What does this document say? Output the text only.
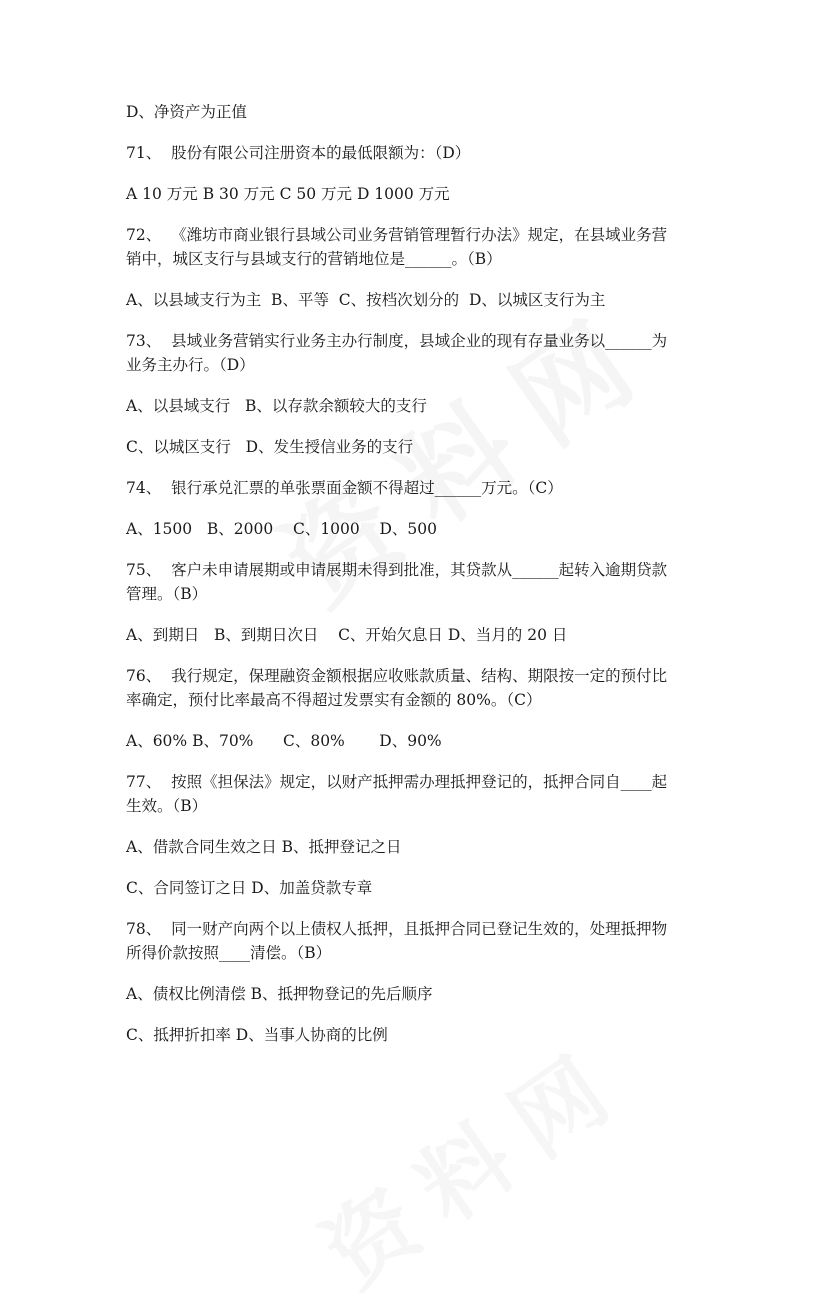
D、净资产为正值

71、  股份有限公司注册资本的最低限额为：（D）

A 10 万元 B 30 万元 C 50 万元 D 1000 万元

72、  《潍坊市商业银行县域公司业务营销管理暂行办法》规定，在县域业务营

销中，城区支行与县域支行的营销地位是______。（B）

A、以县域支行为主  B、平等  C、按档次划分的  D、以城区支行为主

73、  县域业务营销实行业务主办行制度，县域企业的现有存量业务以______为

业务主办行。（D）

A、以县域支行   B、以存款余额较大的支行

C、以城区支行   D、发生授信业务的支行

74、  银行承兑汇票的单张票面金额不得超过______万元。（C）

A、1500   B、2000    C、1000    D、500

75、  客户未申请展期或申请展期未得到批准，其贷款从______起转入逾期贷款

管理。（B）

A、到期日   B、到期日次日    C、开始欠息日 D、当月的 20 日

76、  我行规定，保理融资金额根据应收账款质量、结构、期限按一定的预付比

率确定，预付比率最高不得超过发票实有金额的 80%。（C）

A、60% B、70%      C、80%       D、90%

77、  按照《担保法》规定，以财产抵押需办理抵押登记的，抵押合同自____起

生效。（B）

A、借款合同生效之日 B、抵押登记之日

C、合同签订之日 D、加盖贷款专章

78、  同一财产向两个以上债权人抵押，且抵押合同已登记生效的，处理抵押物

所得价款按照____清偿。（B）

A、债权比例清偿 B、抵押物登记的先后顺序

C、抵押折扣率 D、当事人协商的比例
